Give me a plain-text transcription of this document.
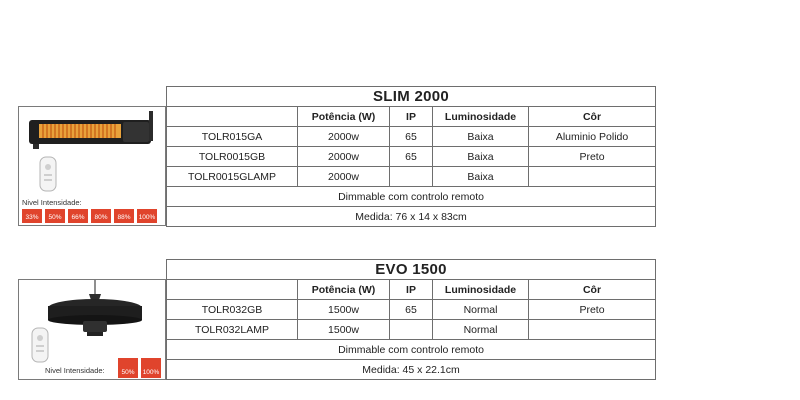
Nivel Intensidade:
33%	50%	66%	80%	88%	100%
SLIM 2000				
	Potência (W)	IP	Luminosidade	Côr
TOLR015GA	2000w	65	Baixa	Aluminio Polido
TOLR0015GB	2000w	65	Baixa	Preto
TOLR0015GLAMP	2000w		Baixa	
Dimmable com controlo remoto				
Medida: 76 x 14 x 83cm				
Nivel Intensidade:	50%	100%
EVO 1500				
	Potência (W)	IP	Luminosidade	Côr
TOLR032GB	1500w	65	Normal	Preto
TOLR032LAMP	1500w		Normal	
Dimmable com controlo remoto				
Medida: 45 x 22.1cm				
